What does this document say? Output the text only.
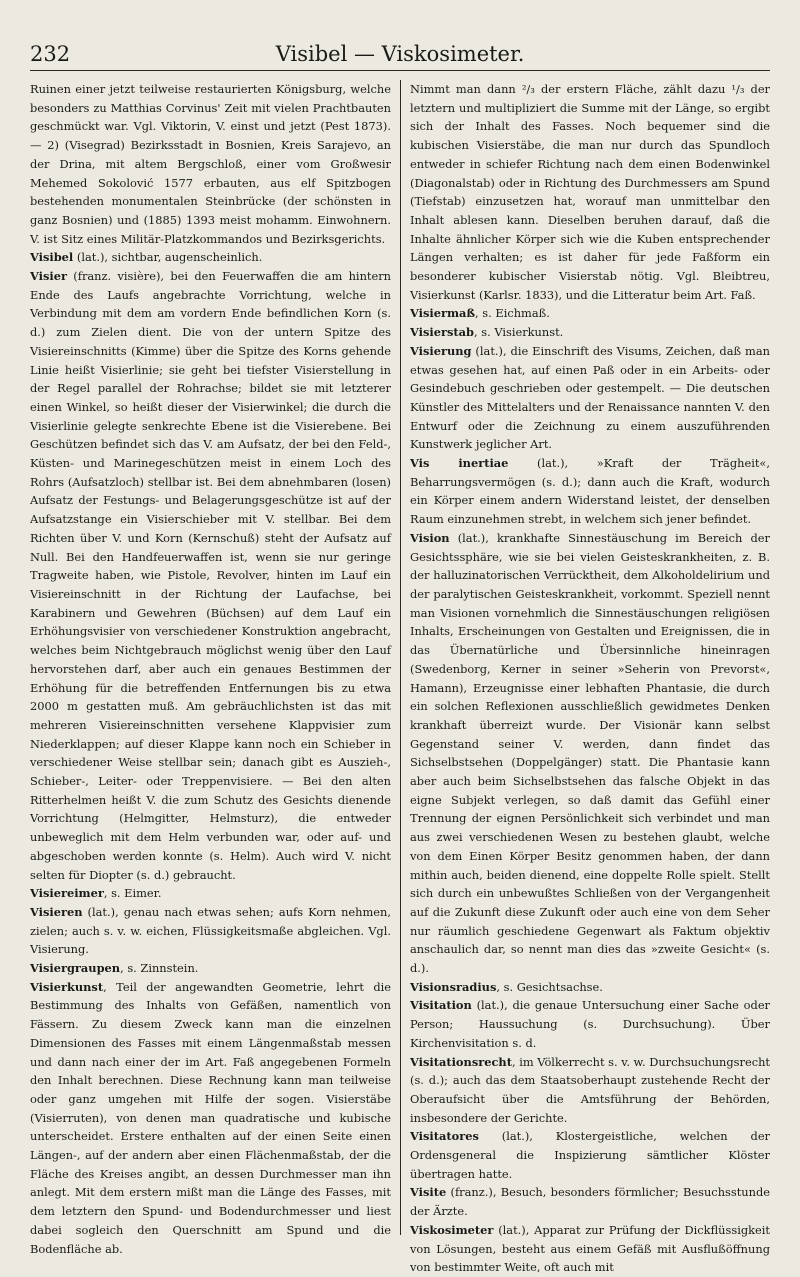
232	Visibel — Viskosimeter.

Ruinen einer jetzt teilweise restaurierten Königsburg, welche besonders zu Matthias Corvinus' Zeit mit vielen Prachtbauten geschmückt war. Vgl. Viktorin, V. einst und jetzt (Pest 1873). — 2) (Visegrad) Bezirksstadt in Bosnien, Kreis Sarajevo, an der Drina, mit altem Bergschloß, einer vom Großwesir Mehemed Sokolović 1577 erbauten, aus elf Spitzbogen bestehenden monumentalen Steinbrücke (der schönsten in ganz Bosnien) und (1885) 1393 meist mohamm. Einwohnern. V. ist Sitz eines Militär-Platzkommandos und Bezirksgerichts.

Visibel (lat.), sichtbar, augenscheinlich.

Visier (franz. visière), bei den Feuerwaffen die am hintern Ende des Laufs angebrachte Vorrichtung, welche in Verbindung mit dem am vordern Ende befindlichen Korn (s. d.) zum Zielen dient. Die von der untern Spitze des Visiereinschnitts (Kimme) über die Spitze des Korns gehende Linie heißt Visierlinie; sie geht bei tiefster Visierstellung in der Regel parallel der Rohrachse; bildet sie mit letzterer einen Winkel, so heißt dieser der Visierwinkel; die durch die Visierlinie gelegte senkrechte Ebene ist die Visierebene. Bei Geschützen befindet sich das V. am Aufsatz, der bei den Feld-, Küsten- und Marinegeschützen meist in einem Loch des Rohrs (Aufsatzloch) stellbar ist. Bei dem abnehmbaren (losen) Aufsatz der Festungs- und Belagerungsgeschütze ist auf der Aufsatzstange ein Visierschieber mit V. stellbar. Bei dem Richten über V. und Korn (Kernschuß) steht der Aufsatz auf Null. Bei den Handfeuerwaffen ist, wenn sie nur geringe Tragweite haben, wie Pistole, Revolver, hinten im Lauf ein Visiereinschnitt in der Richtung der Laufachse, bei Karabinern und Gewehren (Büchsen) auf dem Lauf ein Erhöhungsvisier von verschiedener Konstruktion angebracht, welches beim Nichtgebrauch möglichst wenig über den Lauf hervorstehen darf, aber auch ein genaues Bestimmen der Erhöhung für die betreffenden Entfernungen bis zu etwa 2000 m gestatten muß. Am gebräuchlichsten ist das mit mehreren Visiereinschnitten versehene Klappvisier zum Niederklappen; auf dieser Klappe kann noch ein Schieber in verschiedener Weise stellbar sein; danach gibt es Auszieh-, Schieber-, Leiter- oder Treppenvisiere. — Bei den alten Ritterhelmen heißt V. die zum Schutz des Gesichts dienende Vorrichtung (Helmgitter, Helmsturz), die entweder unbeweglich mit dem Helm verbunden war, oder auf- und abgeschoben werden konnte (s. Helm). Auch wird V. nicht selten für Diopter (s. d.) gebraucht.

Visiereimer, s. Eimer.

Visieren (lat.), genau nach etwas sehen; aufs Korn nehmen, zielen; auch s. v. w. eichen, Flüssigkeitsmaße abgleichen. Vgl. Visierung.

Visiergraupen, s. Zinnstein.

Visierkunst, Teil der angewandten Geometrie, lehrt die Bestimmung des Inhalts von Gefäßen, namentlich von Fässern. Zu diesem Zweck kann man die einzelnen Dimensionen des Fasses mit einem Längenmaßstab messen und dann nach einer der im Art. Faß angegebenen Formeln den Inhalt berechnen. Diese Rechnung kann man teilweise oder ganz umgehen mit Hilfe der sogen. Visierstäbe (Visierruten), von denen man quadratische und kubische unterscheidet. Erstere enthalten auf der einen Seite einen Längen-, auf der andern aber einen Flächenmaßstab, der die Fläche des Kreises angibt, an dessen Durchmesser man ihn anlegt. Mit dem erstern mißt man die Länge des Fasses, mit dem letztern den Spund- und Bodendurchmesser und liest dabei sogleich den Querschnitt am Spund und die Bodenfläche ab.

Nimmt man dann ²/₃ der erstern Fläche, zählt dazu ¹/₃ der letztern und multipliziert die Summe mit der Länge, so ergibt sich der Inhalt des Fasses. Noch bequemer sind die kubischen Visierstäbe, die man nur durch das Spundloch entweder in schiefer Richtung nach dem einen Bodenwinkel (Diagonalstab) oder in Richtung des Durchmessers am Spund (Tiefstab) einzusetzen hat, worauf man unmittelbar den Inhalt ablesen kann. Dieselben beruhen darauf, daß die Inhalte ähnlicher Körper sich wie die Kuben entsprechender Längen verhalten; es ist daher für jede Faßform ein besonderer kubischer Visierstab nötig. Vgl. Bleibtreu, Visierkunst (Karlsr. 1833), und die Litteratur beim Art. Faß.

Visiermaß, s. Eichmaß.

Visierstab, s. Visierkunst.

Visierung (lat.), die Einschrift des Visums, Zeichen, daß man etwas gesehen hat, auf einen Paß oder in ein Arbeits- oder Gesindebuch geschrieben oder gestempelt. — Die deutschen Künstler des Mittelalters und der Renaissance nannten V. den Entwurf oder die Zeichnung zu einem auszuführenden Kunstwerk jeglicher Art.

Vis inertiae (lat.), »Kraft der Trägheit«, Beharrungsvermögen (s. d.); dann auch die Kraft, wodurch ein Körper einem andern Widerstand leistet, der denselben Raum einzunehmen strebt, in welchem sich jener befindet.

Vision (lat.), krankhafte Sinnestäuschung im Bereich der Gesichtssphäre, wie sie bei vielen Geisteskrankheiten, z. B. der halluzinatorischen Verrücktheit, dem Alkoholdelirium und der paralytischen Geisteskrankheit, vorkommt. Speziell nennt man Visionen vornehmlich die Sinnestäuschungen religiösen Inhalts, Erscheinungen von Gestalten und Ereignissen, die in das Übernatürliche und Übersinnliche hineinragen (Swedenborg, Kerner in seiner »Seherin von Prevorst«, Hamann), Erzeugnisse einer lebhaften Phantasie, die durch ein solchen Reflexionen ausschließlich gewidmetes Denken krankhaft überreizt wurde. Der Visionär kann selbst Gegenstand seiner V. werden, dann findet das Sichselbstsehen (Doppelgänger) statt. Die Phantasie kann aber auch beim Sichselbstsehen das falsche Objekt in das eigne Subjekt verlegen, so daß damit das Gefühl einer Trennung der eignen Persönlichkeit sich verbindet und man aus zwei verschiedenen Wesen zu bestehen glaubt, welche von dem Einen Körper Besitz genommen haben, der dann mithin auch, beiden dienend, eine doppelte Rolle spielt. Stellt sich durch ein unbewußtes Schließen von der Vergangenheit auf die Zukunft diese Zukunft oder auch eine von dem Seher nur räumlich geschiedene Gegenwart als Faktum objektiv anschaulich dar, so nennt man dies das »zweite Gesicht« (s. d.).

Visionsradius, s. Gesichtsachse.

Visitation (lat.), die genaue Untersuchung einer Sache oder Person; Haussuchung (s. Durchsuchung). Über Kirchenvisitation s. d.

Visitationsrecht, im Völkerrecht s. v. w. Durchsuchungsrecht (s. d.); auch das dem Staatsoberhaupt zustehende Recht der Oberaufsicht über die Amtsführung der Behörden, insbesondere der Gerichte.

Visitatores (lat.), Klostergeistliche, welchen der Ordensgeneral die Inspizierung sämtlicher Klöster übertragen hatte.

Visite (franz.), Besuch, besonders förmlicher; Besuchsstunde der Ärzte.

Viskosimeter (lat.), Apparat zur Prüfung der Dickflüssigkeit von Lösungen, besteht aus einem Gefäß mit Ausflußöffnung von bestimmter Weite, oft auch mit
